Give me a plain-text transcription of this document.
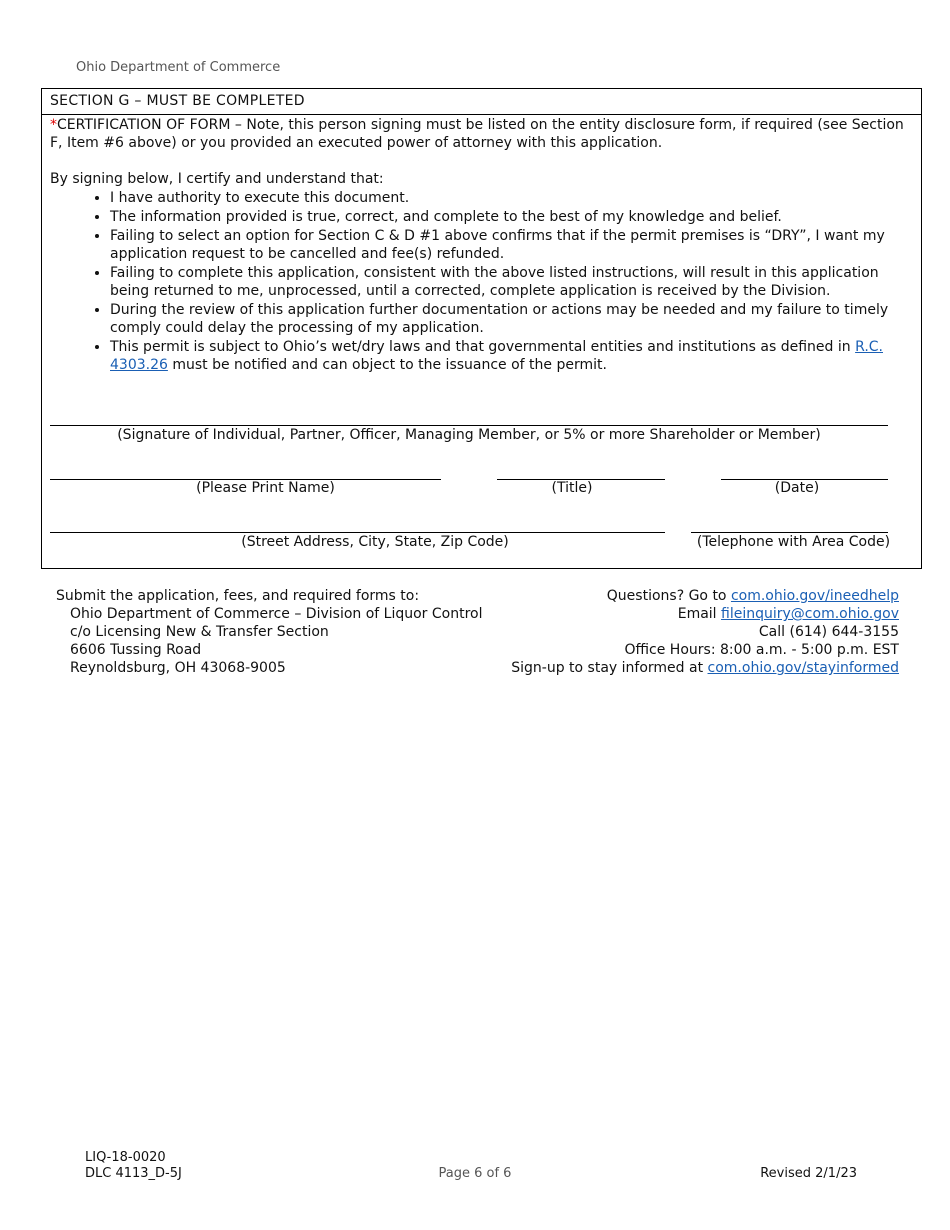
Ohio Department of Commerce
SECTION G – MUST BE COMPLETED
*CERTIFICATION OF FORM – Note, this person signing must be listed on the entity disclosure form, if required (see Section F, Item #6 above) or you provided an executed power of attorney with this application.
By signing below, I certify and understand that:
• I have authority to execute this document.
• The information provided is true, correct, and complete to the best of my knowledge and belief.
• Failing to select an option for Section C & D #1 above confirms that if the permit premises is “DRY”, I want my application request to be cancelled and fee(s) refunded.
• Failing to complete this application, consistent with the above listed instructions, will result in this application being returned to me, unprocessed, until a corrected, complete application is received by the Division.
• During the review of this application further documentation or actions may be needed and my failure to timely comply could delay the processing of my application.
• This permit is subject to Ohio’s wet/dry laws and that governmental entities and institutions as defined in R.C. 4303.26 must be notified and can object to the issuance of the permit.
(Signature of Individual, Partner, Officer, Managing Member, or 5% or more Shareholder or Member)
(Please Print Name)	(Title)	(Date)
(Street Address, City, State, Zip Code)	(Telephone with Area Code)
Submit the application, fees, and required forms to:
Ohio Department of Commerce – Division of Liquor Control
c/o Licensing New & Transfer Section
6606 Tussing Road
Reynoldsburg, OH 43068-9005
Questions? Go to com.ohio.gov/ineedhelp
Email fileinquiry@com.ohio.gov
Call (614) 644-3155
Office Hours: 8:00 a.m. - 5:00 p.m. EST
Sign-up to stay informed at com.ohio.gov/stayinformed
LIQ-18-0020
DLC 4113_D-5J	Page 6 of 6	Revised 2/1/23
